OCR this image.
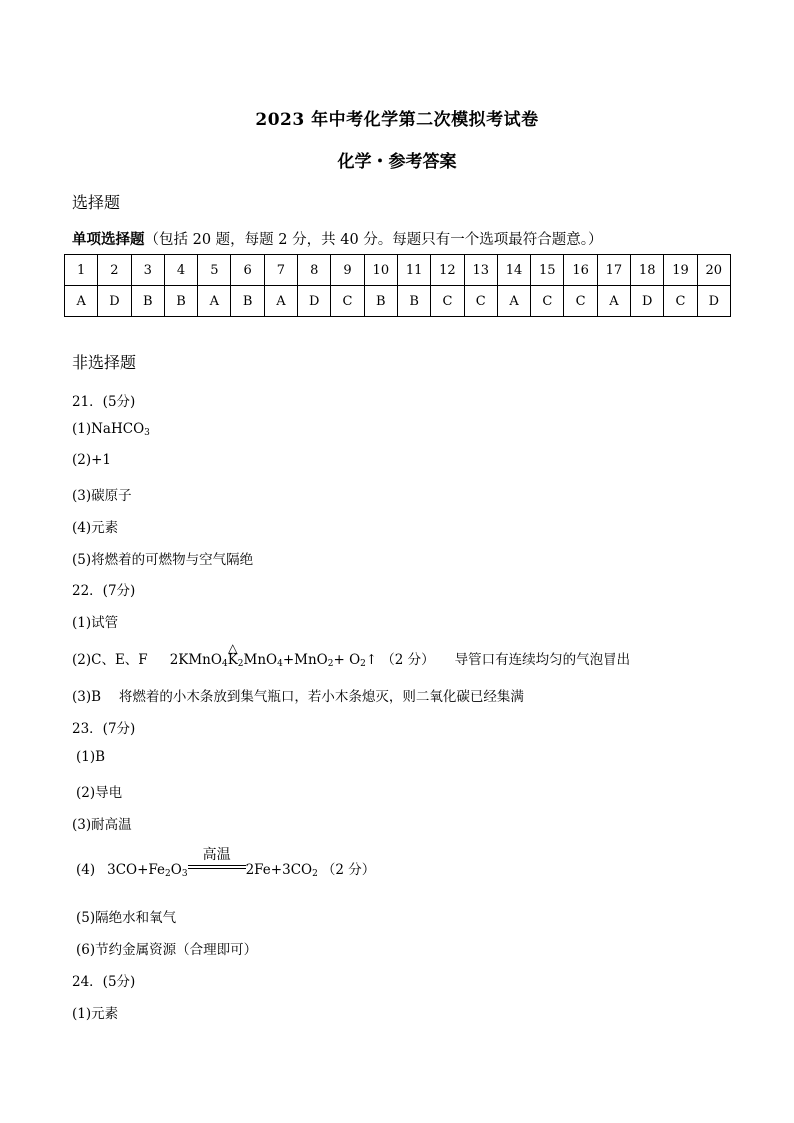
2023 年中考化学第二次模拟考试卷
化学・参考答案
选择题
单项选择题（包括 20 题，每题 2 分，共 40 分。每题只有一个选项最符合题意。）
1	2	3	4	5	6	7	8	9	10	11	12	13	14	15	16	17	18	19	20
A	D	B	B	A	B	A	D	C	B	B	C	C	A	C	C	A	D	C	D
非选择题
21．(5分)
(1)NaHCO$_3$
(2)+1
(3)碳原子
(4)元素
(5)将燃着的可燃物与空气隔绝
22．(7分)
(1)试管
(2)C、E、F 2KMnO$_4$
△
$K_2MnO_4+MnO_2+$ $O_2↑$ （2 分） 导管口有连续均匀的气泡冒出
(3)B　 将燃着的小木条放到集气瓶口，若小木条熄灭，则二氧化碳已经集满
23．(7分)
(1)B
(2)导电
(3)耐高温
(4) $3CO+Fe_2O_3$
高温
$2Fe+3CO_2$ （2 分）
(5)隔绝水和氧气
(6)节约金属资源（合理即可）
24．(5分)
(1)元素
